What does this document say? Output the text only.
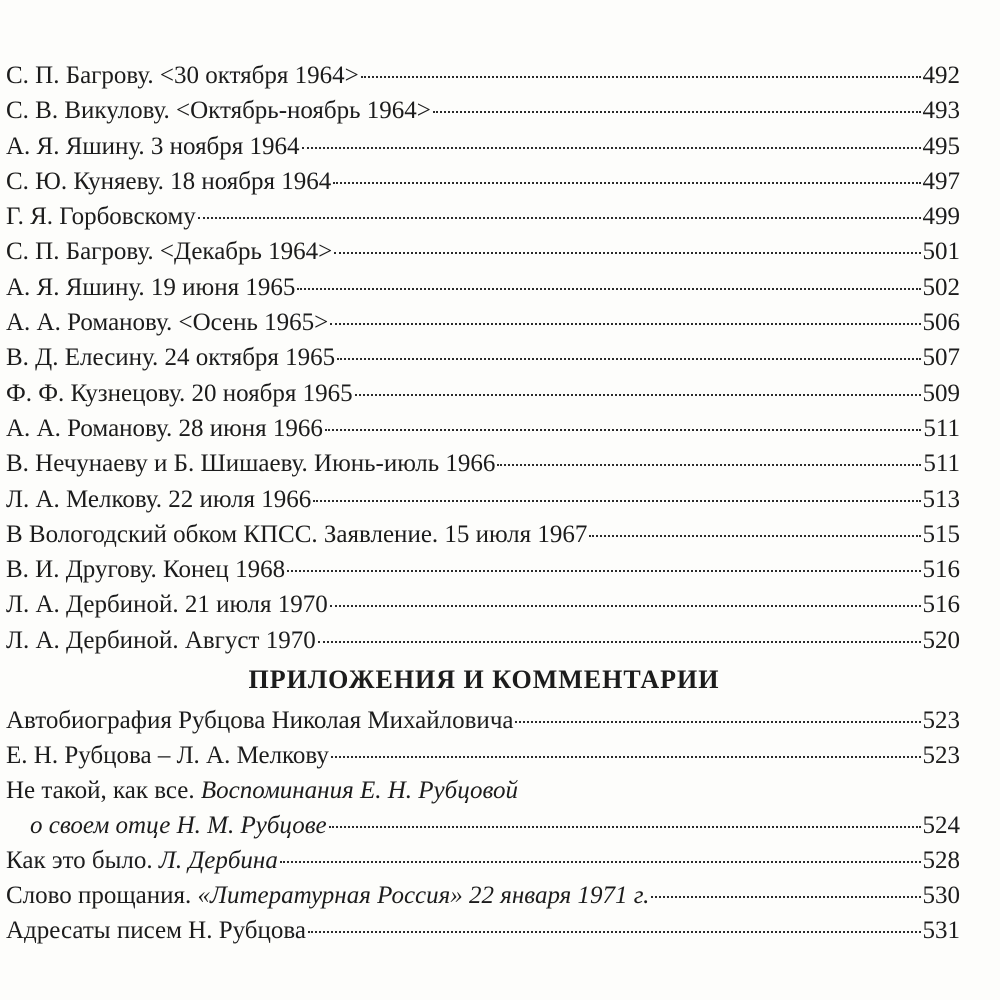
С. П. Багрову. <30 октября 1964>	492
С. В. Викулову. <Октябрь-ноябрь 1964>	493
А. Я. Яшину. 3 ноября 1964	495
С. Ю. Куняеву. 18 ноября 1964	497
Г. Я. Горбовскому	499
С. П. Багрову. <Декабрь 1964>	501
А. Я. Яшину. 19 июня 1965	502
А. А. Романову. <Осень 1965>	506
В. Д. Елесину. 24 октября 1965	507
Ф. Ф. Кузнецову. 20 ноября 1965	509
А. А. Романову. 28 июня 1966	511
В. Нечунаеву и Б. Шишаеву. Июнь-июль 1966	511
Л. А. Мелкову. 22 июля 1966	513
В Вологодский обком КПСС. Заявление. 15 июля 1967	515
В. И. Другову. Конец 1968	516
Л. А. Дербиной. 21 июля 1970	516
Л. А. Дербиной. Август 1970	520
ПРИЛОЖЕНИЯ И КОММЕНТАРИИ
Автобиография Рубцова Николая Михайловича	523
Е. Н. Рубцова – Л. А. Мелкову	523
Не такой, как все. Воспоминания Е. Н. Рубцовой
о своем отце Н. М. Рубцове	524
Как это было. Л. Дербина	528
Слово прощания. «Литературная Россия» 22 января 1971 г.	530
Адресаты писем Н. Рубцова	531
